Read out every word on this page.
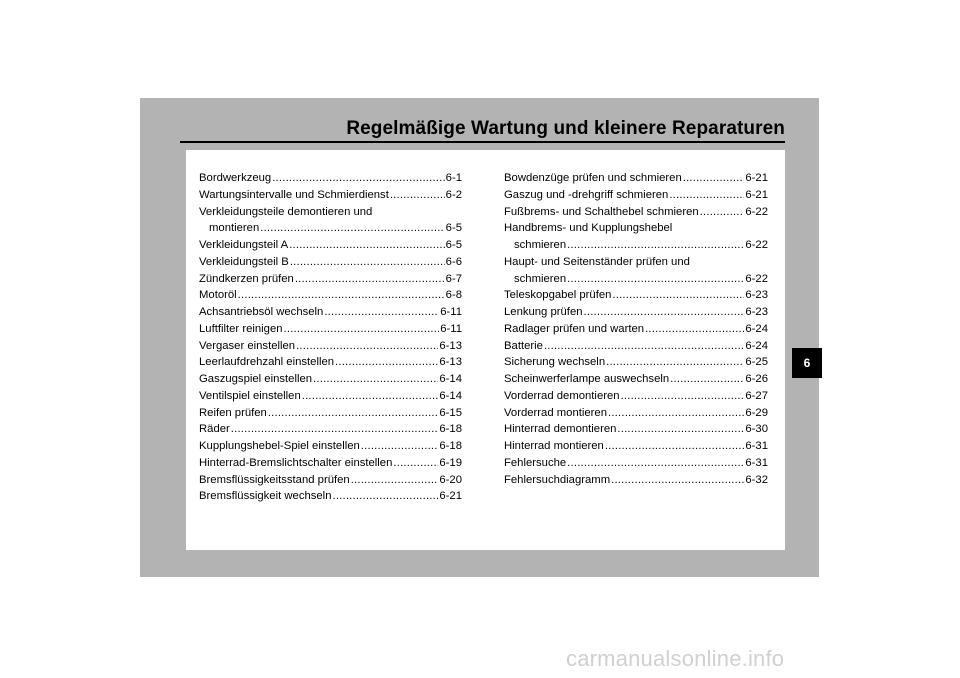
Regelmäßige Wartung und kleinere Reparaturen
Bordwerkzeug .....	6-1
Wartungsintervalle und Schmierdienst .....	6-2
Verkleidungsteile demontieren und
montieren .....	6-5
Verkleidungsteil A .....	6-5
Verkleidungsteil B .....	6-6
Zündkerzen prüfen .....	6-7
Motoröl .....	6-8
Achsantriebsöl wechseln .....	6-11
Luftfilter reinigen .....	6-11
Vergaser einstellen .....	6-13
Leerlaufdrehzahl einstellen .....	6-13
Gaszugspiel einstellen .....	6-14
Ventilspiel einstellen .....	6-14
Reifen prüfen .....	6-15
Räder .....	6-18
Kupplungshebel-Spiel einstellen .....	6-18
Hinterrad-Bremslichtschalter einstellen .....	6-19
Bremsflüssigkeitsstand prüfen .....	6-20
Bremsflüssigkeit wechseln .....	6-21
Bowdenzüge prüfen und schmieren .....	6-21
Gaszug und -drehgriff schmieren .....	6-21
Fußbrems- und Schalthebel schmieren .....	6-22
Handbrems- und Kupplungshebel
schmieren .....	6-22
Haupt- und Seitenständer prüfen und
schmieren .....	6-22
Teleskopgabel prüfen .....	6-23
Lenkung prüfen .....	6-23
Radlager prüfen und warten .....	6-24
Batterie .....	6-24
Sicherung wechseln .....	6-25
Scheinwerferlampe auswechseln .....	6-26
Vorderrad demontieren .....	6-27
Vorderrad montieren .....	6-29
Hinterrad demontieren .....	6-30
Hinterrad montieren .....	6-31
Fehlersuche .....	6-31
Fehlersuchdiagramm .....	6-32
6
carmanualsonline.info
